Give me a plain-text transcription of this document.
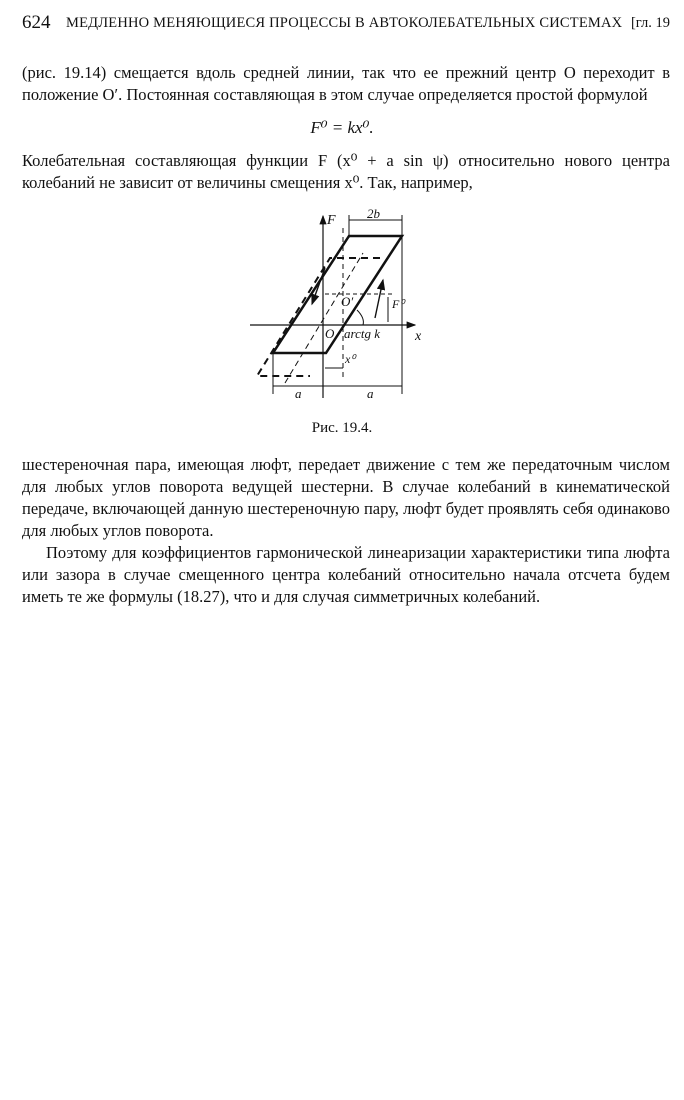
624 МЕДЛЕННО МЕНЯЮЩИЕСЯ ПРОЦЕССЫ В АВТОКОЛЕБАТЕЛЬНЫХ СИСТЕМАХ [гл. 19

(рис. 19.14) смещается вдоль средней линии, так что ее прежний центр O переходит в положение O′. Постоянная составляющая в этом случае определяется простой формулой

F⁰ = kx⁰.

Колебательная составляющая функции F (x⁰ + a sin ψ) относительно нового центра колебаний не зависит от величины смещения x⁰. Так, например,

F 2b
O′	F⁰
O arctg k	x
x⁰
a	a
Рис. 19.4.

шестереночная пара, имеющая люфт, передает движение с тем же передаточным числом для любых углов поворота ведущей шестерни. В случае колебаний в кинематической передаче, включающей данную шестереночную пару, люфт будет проявлять себя одинаково для любых углов поворота.

Поэтому для коэффициентов гармонической линеаризации характеристики типа люфта или зазора в случае смещенного центра колебаний относительно начала отсчета будем иметь те же формулы (18.27), что и для случая симметричных колебаний.
